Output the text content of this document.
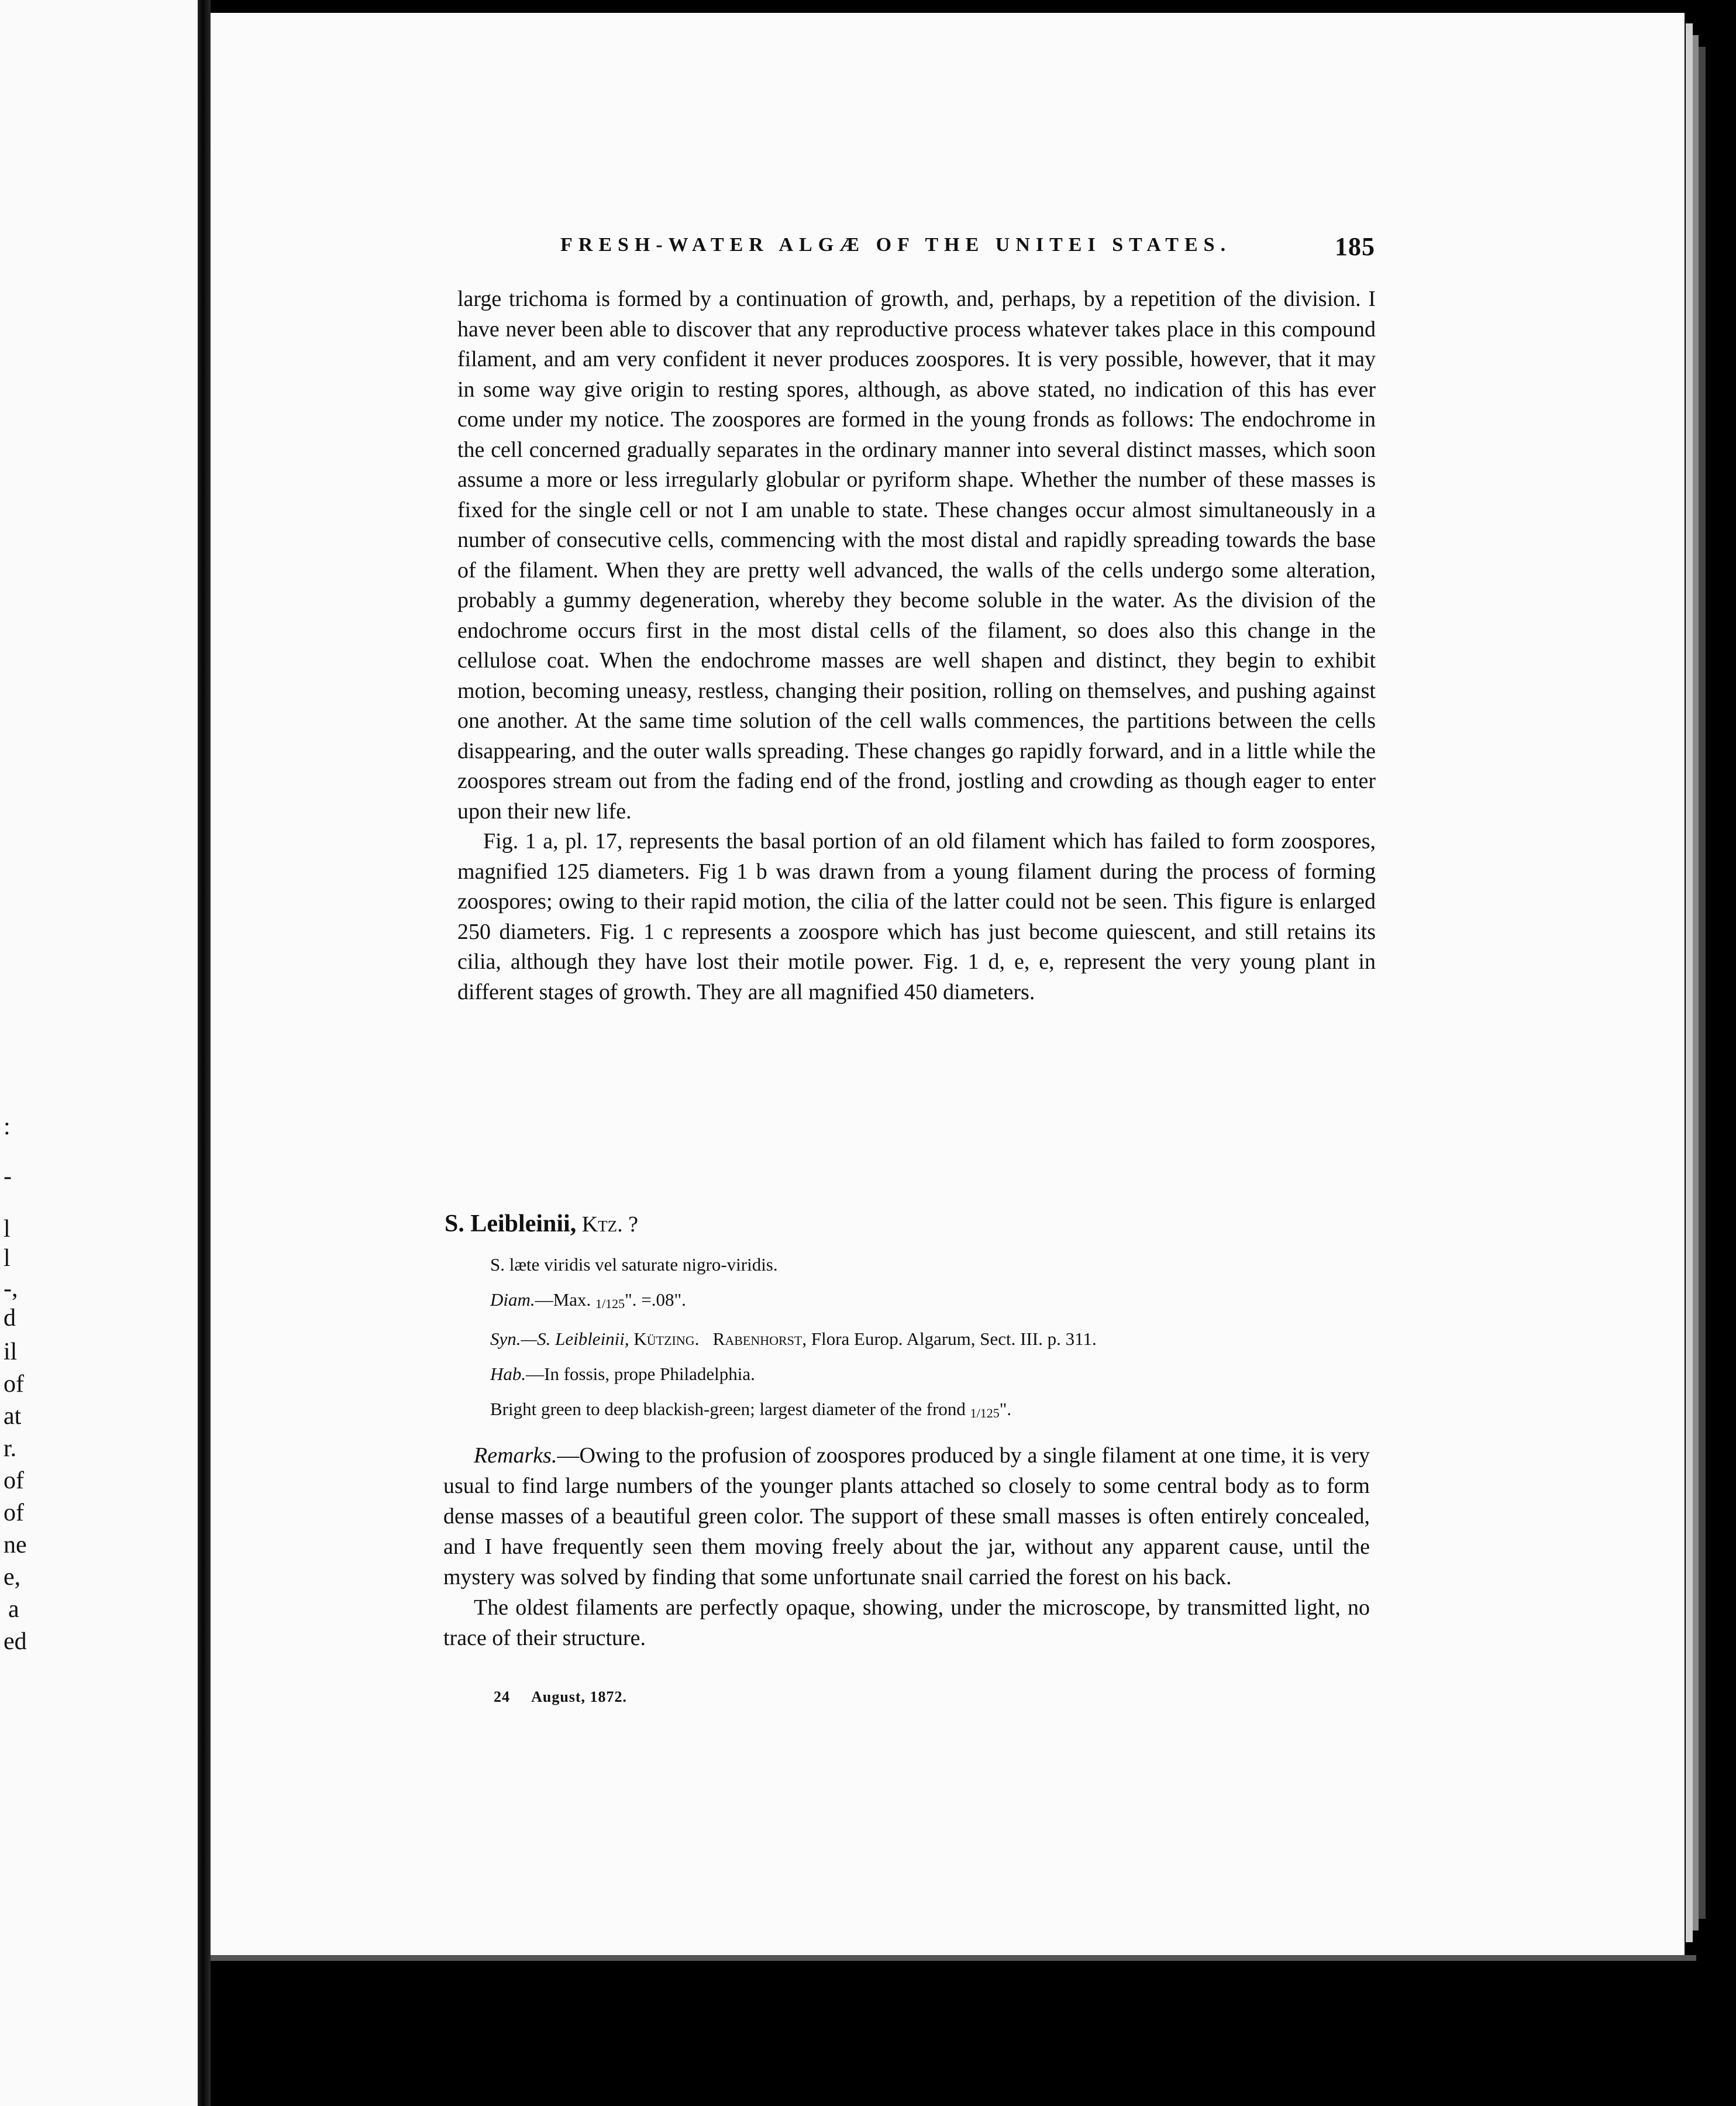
:
-
l
l
-,
d
il
of
at
r.
of
of
ne
e,
a
ed
FRESH-WATER ALGÆ OF THE UNITEI STATES.	185

large trichoma is formed by a continuation of growth, and, perhaps, by a repetition of the division. I have never been able to discover that any reproductive process whatever takes place in this compound filament, and am very confident it never produces zoospores. It is very possible, however, that it may in some way give origin to resting spores, although, as above stated, no indication of this has ever come under my notice. The zoospores are formed in the young fronds as follows: The endochrome in the cell concerned gradually separates in the ordinary manner into several distinct masses, which soon assume a more or less irregularly globular or pyriform shape. Whether the number of these masses is fixed for the single cell or not I am unable to state. These changes occur almost simultaneously in a number of consecutive cells, commencing with the most distal and rapidly spreading towards the base of the filament. When they are pretty well advanced, the walls of the cells undergo some alteration, probably a gummy degeneration, whereby they become soluble in the water. As the division of the endochrome occurs first in the most distal cells of the filament, so does also this change in the cellulose coat. When the endochrome masses are well shapen and distinct, they begin to exhibit motion, becoming uneasy, restless, changing their position, rolling on themselves, and pushing against one another. At the same time solution of the cell walls commences, the partitions between the cells disappearing, and the outer walls spreading. These changes go rapidly forward, and in a little while the zoospores stream out from the fading end of the frond, jostling and crowding as though eager to enter upon their new life.

Fig. 1 a, pl. 17, represents the basal portion of an old filament which has failed to form zoospores, magnified 125 diameters. Fig 1 b was drawn from a young filament during the process of forming zoospores; owing to their rapid motion, the cilia of the latter could not be seen. This figure is enlarged 250 diameters. Fig. 1 c represents a zoospore which has just become quiescent, and still retains its cilia, although they have lost their motile power. Fig. 1 d, e, e, represent the very young plant in different stages of growth. They are all magnified 450 diameters.

S. Leibleinii, Ktz. ?

S. læte viridis vel saturate nigro-viridis.

Diam.—Max. 1/125". =.08".

Syn.—S. Leibleinii, Kützing. Rabenhorst, Flora Europ. Algarum, Sect. III. p. 311.

Hab.—In fossis, prope Philadelphia.

Bright green to deep blackish-green; largest diameter of the frond 1/125".

Remarks.—Owing to the profusion of zoospores produced by a single filament at one time, it is very usual to find large numbers of the younger plants attached so closely to some central body as to form dense masses of a beautiful green color. The support of these small masses is often entirely concealed, and I have frequently seen them moving freely about the jar, without any apparent cause, until the mystery was solved by finding that some unfortunate snail carried the forest on his back.

The oldest filaments are perfectly opaque, showing, under the microscope, by transmitted light, no trace of their structure.

24 August, 1872.
